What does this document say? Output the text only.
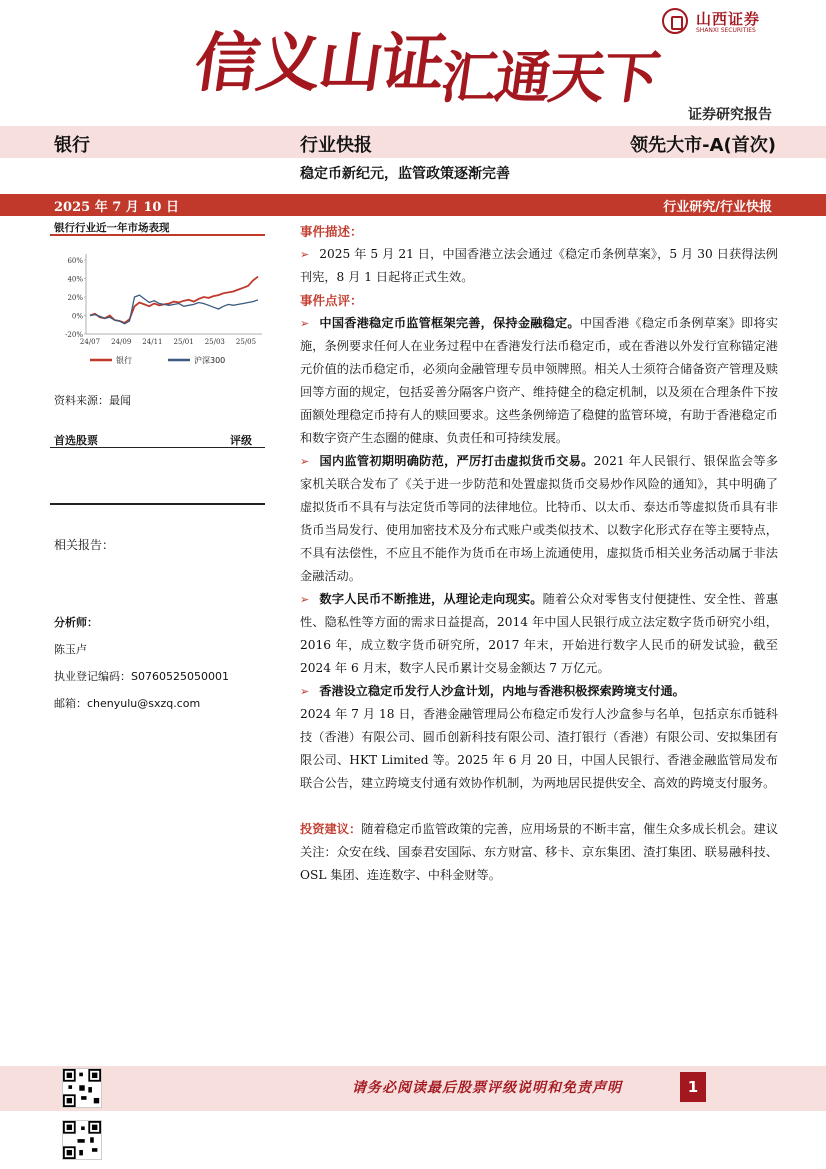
信义山证汇通天下
山西证券
SHANXI SECURITIES
证券研究报告
银行	行业快报	领先大市-A(首次)
稳定币新纪元，监管政策逐渐完善
2025 年 7 月 10 日	行业研究/行业快报
银行行业近一年市场表现
60%
40%
20%
0%
-20%
24/07 24/09 24/11 25/01 25/03 25/05
银行	沪深300
资料来源：最闻
首选股票	评级
相关报告：
分析师：
陈玉卢
执业登记编码：S0760525050001
邮箱：chenyulu@sxzq.com
事件描述：
➢ 2025 年 5 月 21 日，中国香港立法会通过《稳定币条例草案》，5 月 30 日获得法例刊宪，8 月 1 日起将正式生效。
事件点评：
➢ 中国香港稳定币监管框架完善，保持金融稳定。中国香港《稳定币条例草案》即将实施，条例要求任何人在业务过程中在香港发行法币稳定币，或在香港以外发行宣称锚定港元价值的法币稳定币，必须向金融管理专员申领牌照。相关人士须符合储备资产管理及赎回等方面的规定，包括妥善分隔客户资产、维持健全的稳定机制，以及须在合理条件下按面额处理稳定币持有人的赎回要求。这些条例缔造了稳健的监管环境，有助于香港稳定币和数字资产生态圈的健康、负责任和可持续发展。
➢ 国内监管初期明确防范，严厉打击虚拟货币交易。2021 年人民银行、银保监会等多家机关联合发布了《关于进一步防范和处置虚拟货币交易炒作风险的通知》，其中明确了虚拟货币不具有与法定货币等同的法律地位。比特币、以太币、泰达币等虚拟货币具有非货币当局发行、使用加密技术及分布式账户或类似技术、以数字化形式存在等主要特点，不具有法偿性，不应且不能作为货币在市场上流通使用，虚拟货币相关业务活动属于非法金融活动。
➢ 数字人民币不断推进，从理论走向现实。随着公众对零售支付便捷性、安全性、普惠性、隐私性等方面的需求日益提高，2014 年中国人民银行成立法定数字货币研究小组，2016 年，成立数字货币研究所，2017 年末，开始进行数字人民币的研发试验，截至 2024 年 6 月末，数字人民币累计交易金额达 7 万亿元。
➢ 香港设立稳定币发行人沙盒计划，内地与香港积极探索跨境支付通。
2024 年 7 月 18 日，香港金融管理局公布稳定币发行人沙盒参与名单，包括京东币链科技（香港）有限公司、圆币创新科技有限公司、渣打银行（香港）有限公司、安拟集团有限公司、HKT Limited 等。2025 年 6 月 20 日，中国人民银行、香港金融监管局发布联合公告，建立跨境支付通有效协作机制，为两地居民提供安全、高效的跨境支付服务。
投资建议：随着稳定币监管政策的完善，应用场景的不断丰富，催生众多成长机会。建议关注：众安在线、国泰君安国际、东方财富、移卡、京东集团、渣打集团、联易融科技、OSL 集团、连连数字、中科金财等。
请务必阅读最后股票评级说明和免责声明	1
